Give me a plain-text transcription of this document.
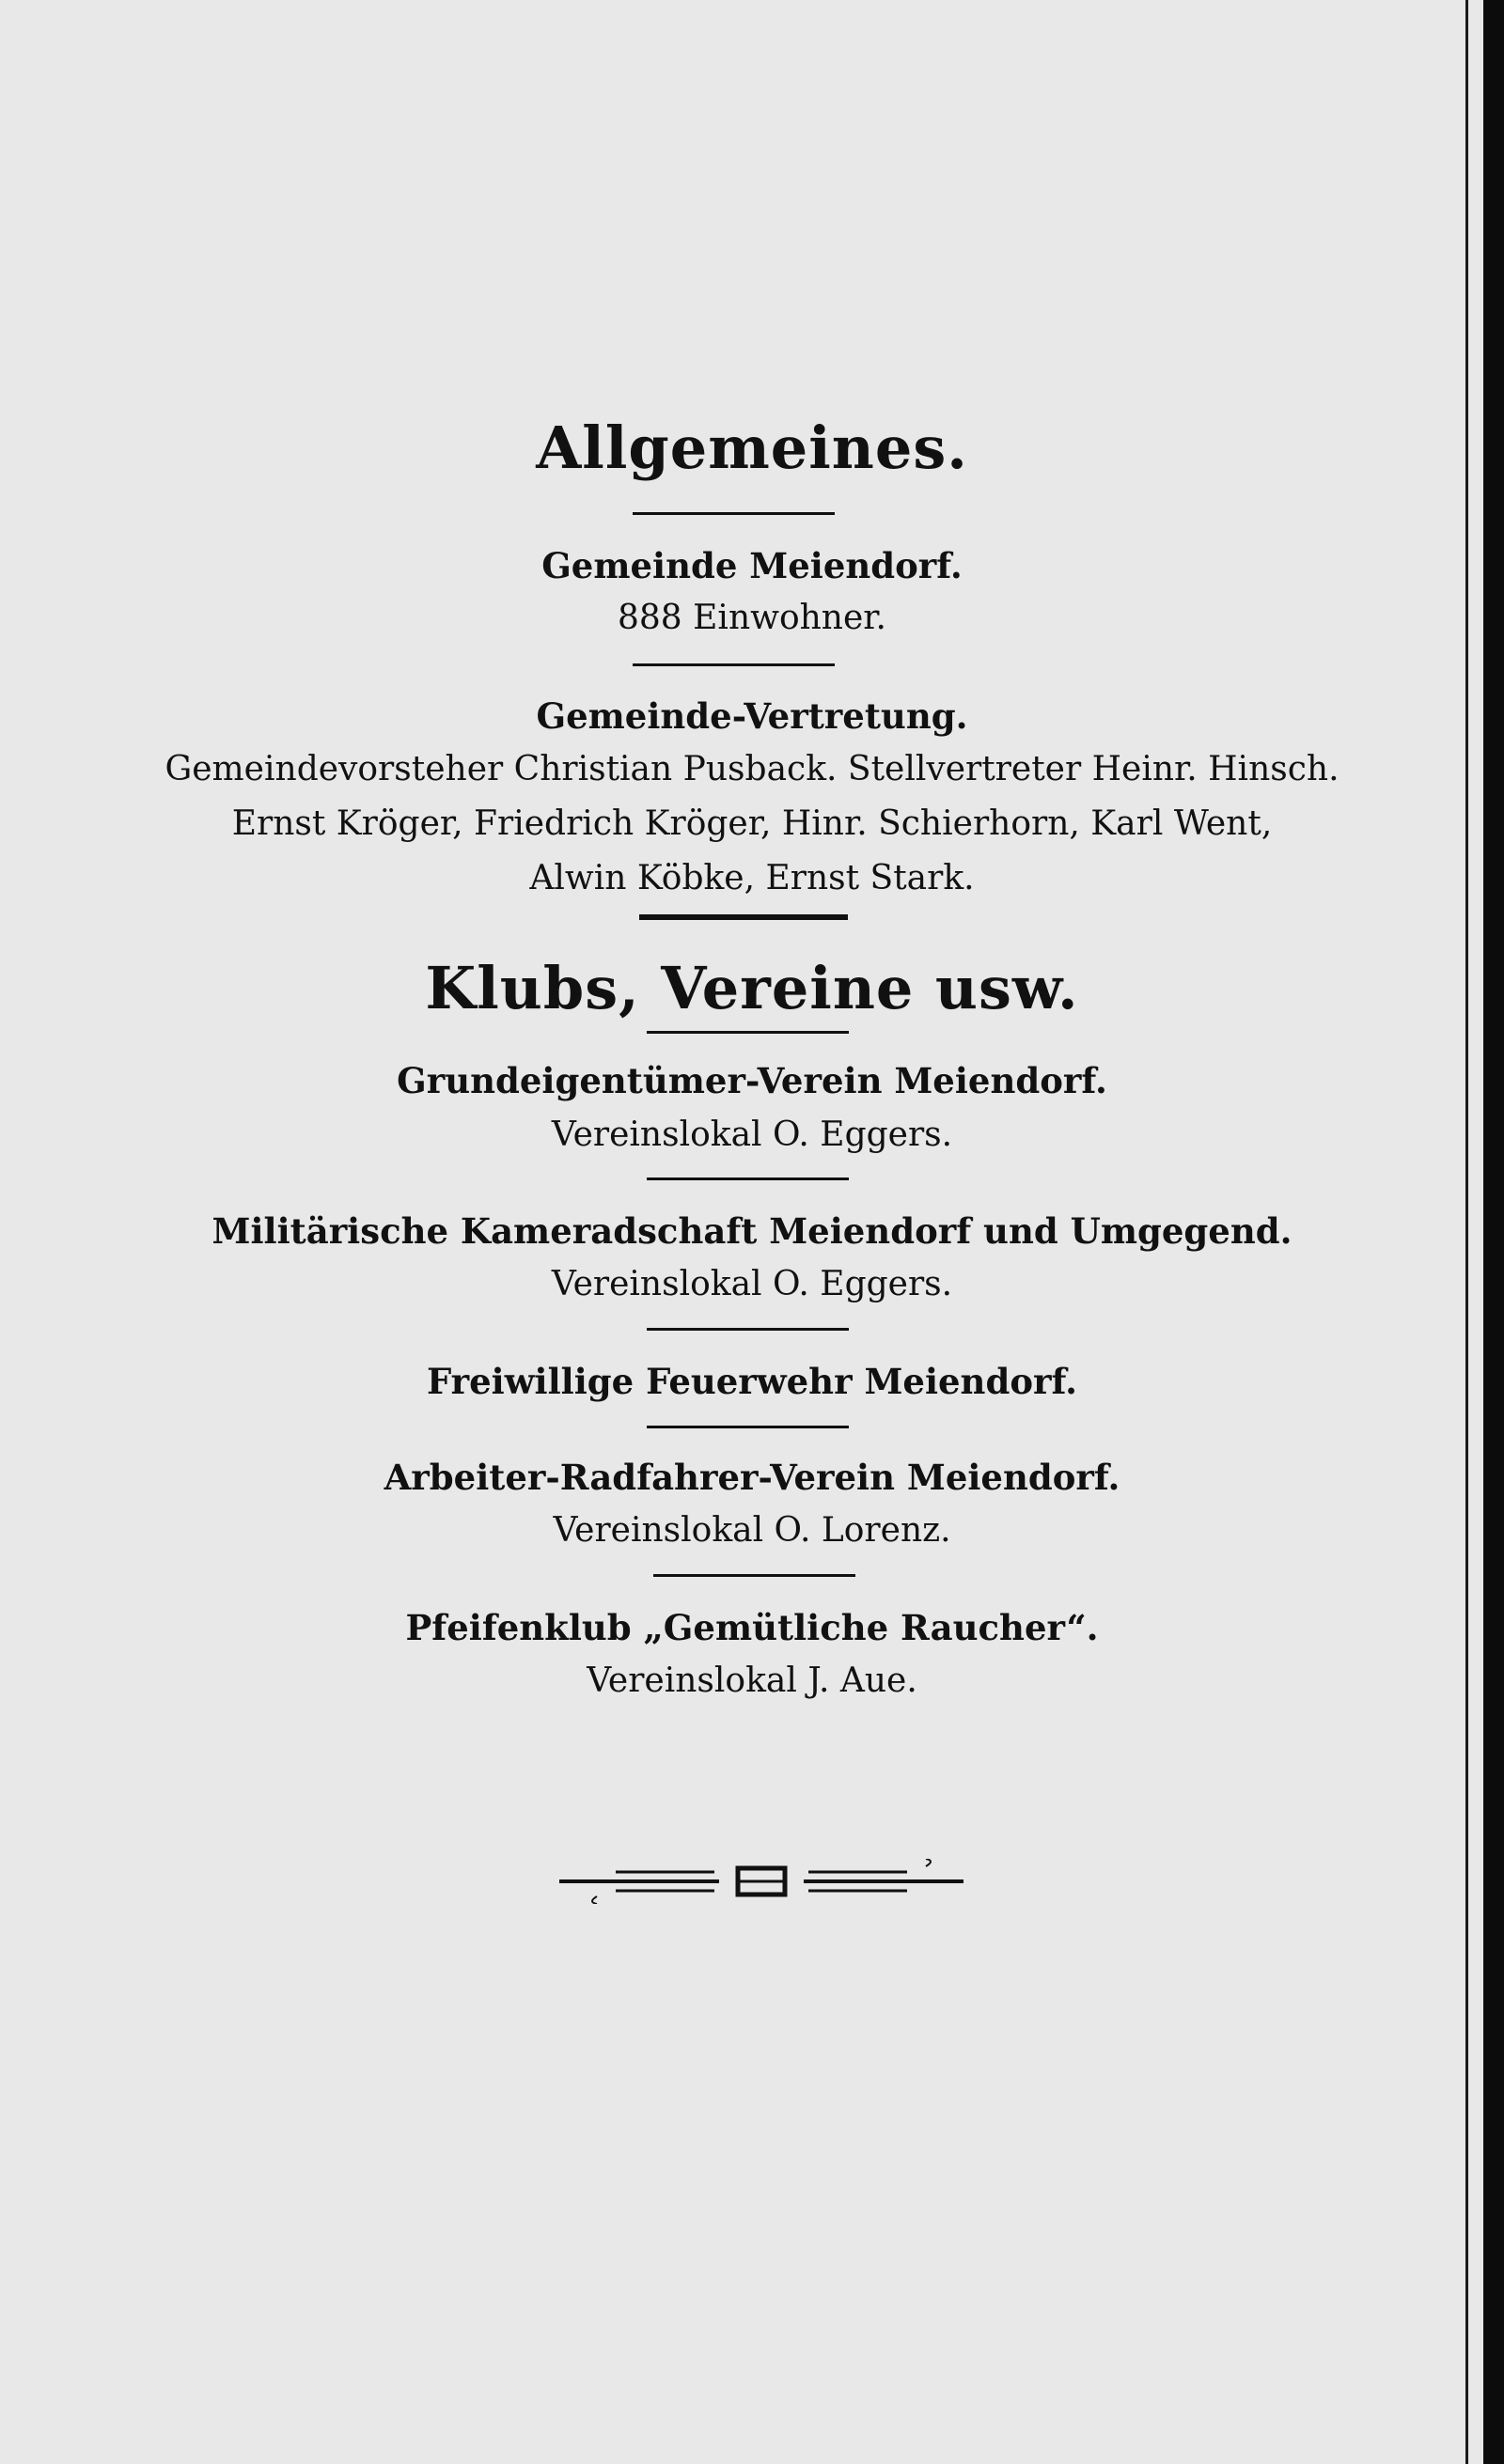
Allgemeines.
Gemeinde Meiendorf.
888 Einwohner.
Gemeinde-Vertretung.
Gemeindevorsteher Christian Pusback. Stellvertreter Heinr. Hinsch.
Ernst Kröger, Friedrich Kröger, Hinr. Schierhorn, Karl Went,
Alwin Köbke, Ernst Stark.
Klubs, Vereine usw.
Grundeigentümer-Verein Meiendorf.
Vereinslokal O. Eggers.
Militärische Kameradschaft Meiendorf und Umgegend.
Vereinslokal O. Eggers.
Freiwillige Feuerwehr Meiendorf.
Arbeiter-Radfahrer-Verein Meiendorf.
Vereinslokal O. Lorenz.
Pfeifenklub „Gemütliche Raucher“.
Vereinslokal J. Aue.
